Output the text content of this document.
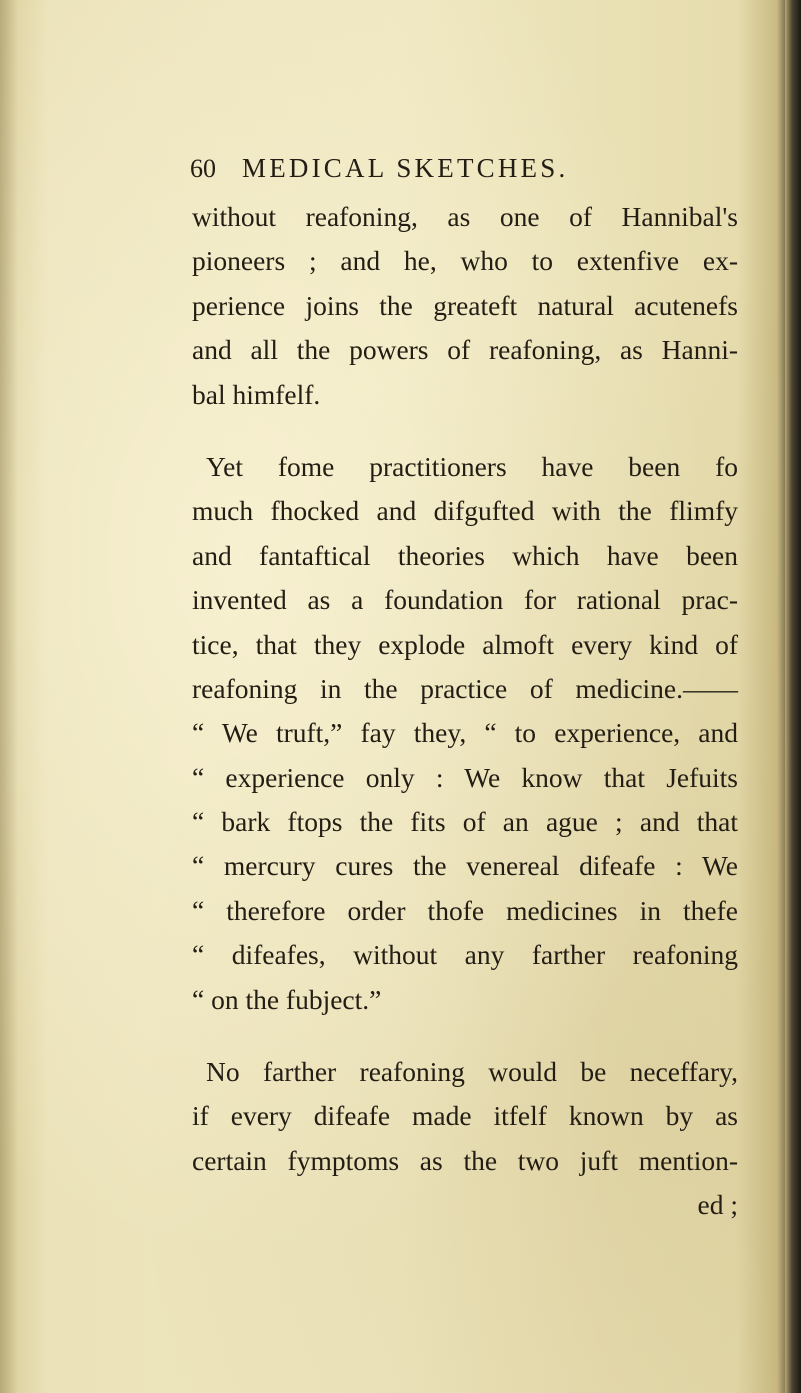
60 MEDICAL SKETCHES.
without reafoning, as one of Hannibal's
pioneers ; and he, who to extenfive ex-
perience joins the greateft natural acutenefs
and all the powers of reafoning, as Hanni-
bal himfelf.
Yet fome practitioners have been fo
much fhocked and difgufted with the flimfy
and fantaftical theories which have been
invented as a foundation for rational prac-
tice, that they explode almoft every kind of
reafoning in the practice of medicine.——
“ We truft,” fay they, “ to experience, and
“ experience only : We know that Jefuits
“ bark ftops the fits of an ague ; and that
“ mercury cures the venereal difeafe : We
“ therefore order thofe medicines in thefe
“ difeafes, without any farther reafoning
“ on the fubject.”
No farther reafoning would be neceffary,
if every difeafe made itfelf known by as
certain fymptoms as the two juft mention-
ed ;
